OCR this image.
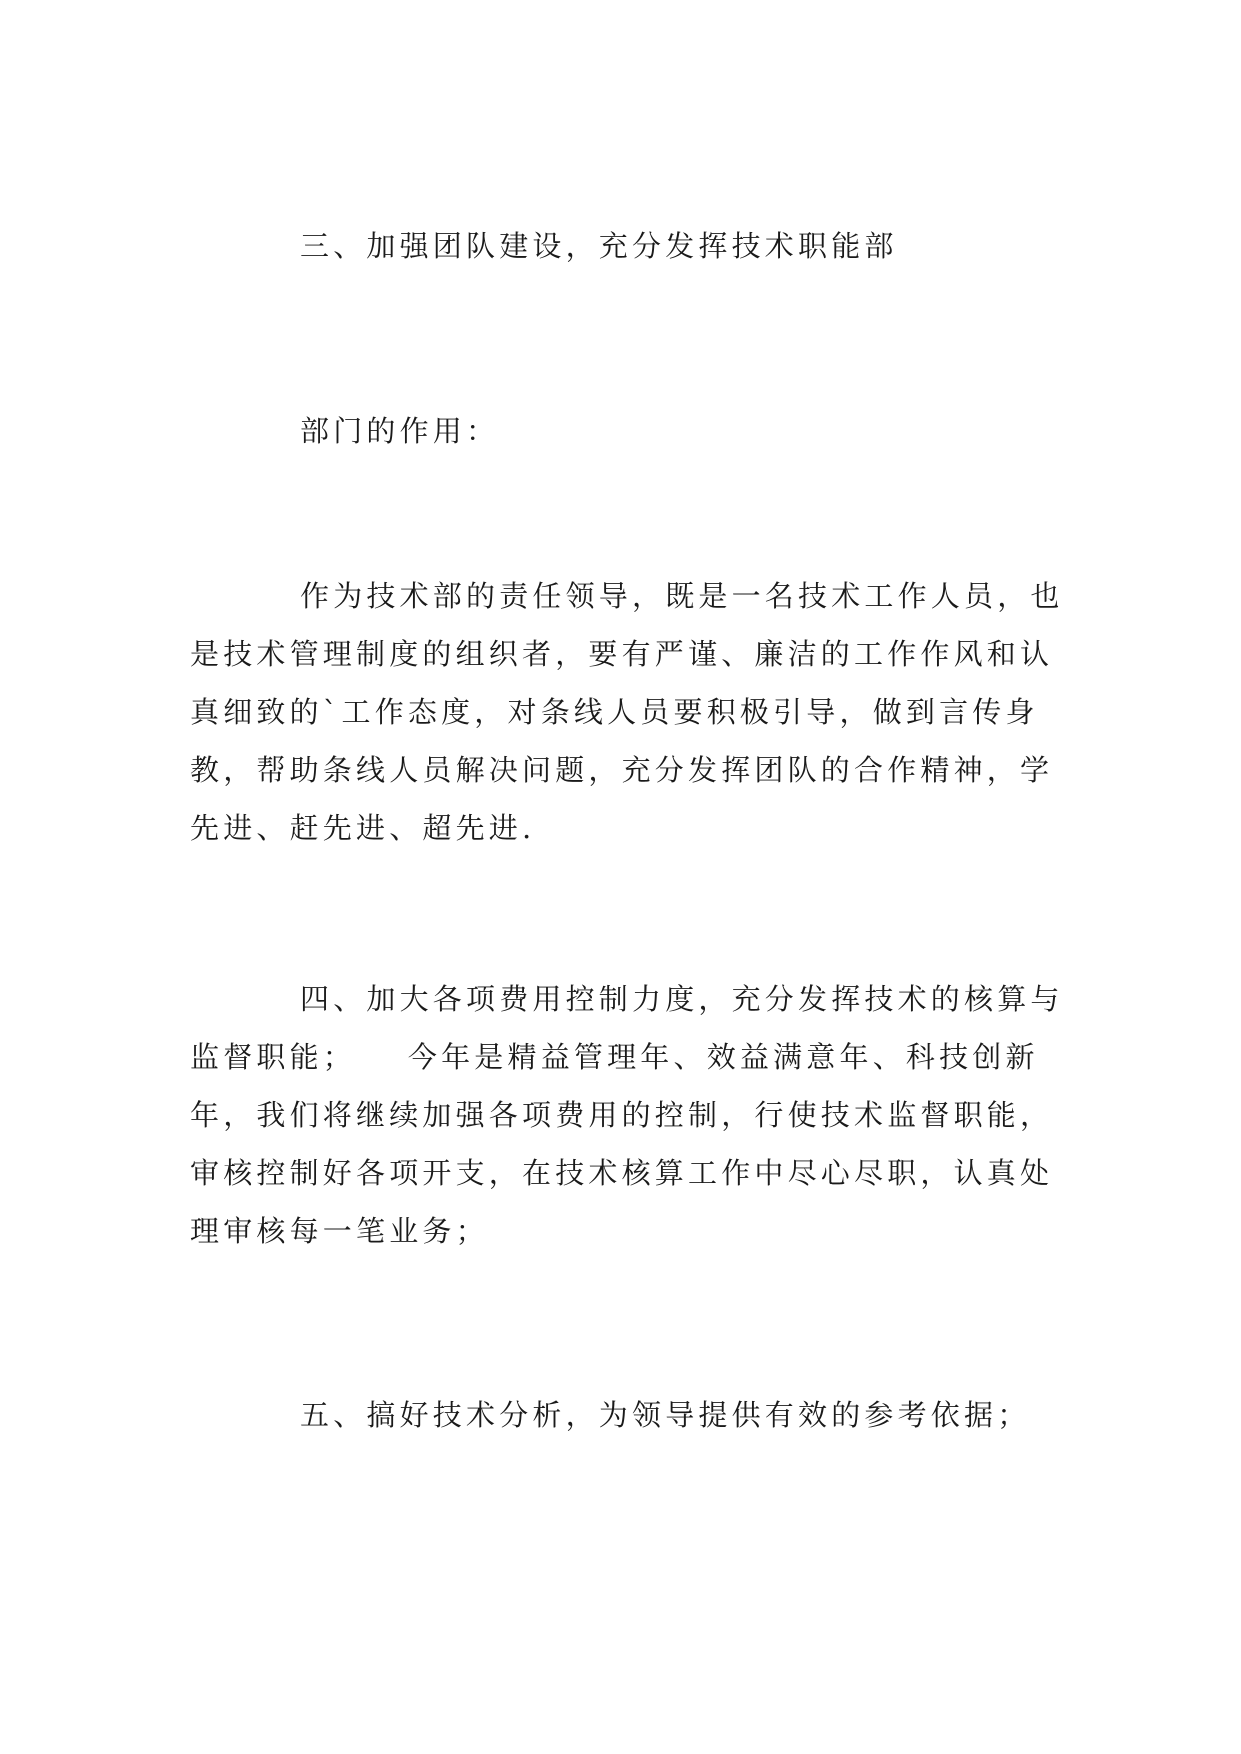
三、加强团队建设，充分发挥技术职能部

部门的作用：

作为技术部的责任领导，既是一名技术工作人员，也
是技术管理制度的组织者，要有严谨、廉洁的工作作风和认
真细致的`工作态度，对条线人员要积极引导，做到言传身
教，帮助条线人员解决问题，充分发挥团队的合作精神，学
先进、赶先进、超先进.

四、加大各项费用控制力度，充分发挥技术的核算与
监督职能；　　今年是精益管理年、效益满意年、科技创新
年，我们将继续加强各项费用的控制，行使技术监督职能，
审核控制好各项开支，在技术核算工作中尽心尽职，认真处
理审核每一笔业务；

五、搞好技术分析，为领导提供有效的参考依据；
